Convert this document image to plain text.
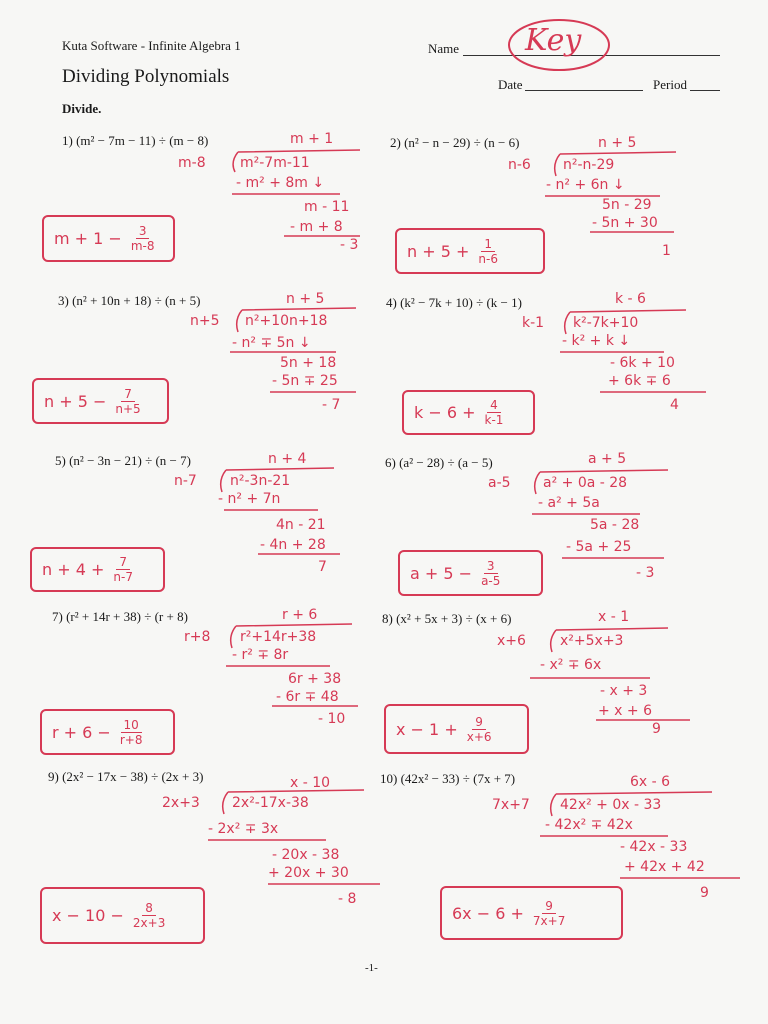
Kuta Software - Infinite Algebra 1
Dividing Polynomials
Divide.
Name Key
Date	Period
1) (m² − 7m − 11) ÷ (m − 8)	m + 1
m-8 m²-7m-11
- m² + 8m ↓
m - 11
- m + 8
- 3
$m + 1 - \frac{3}{m-8}$
2) (n² − n − 29) ÷ (n − 6)	n + 5
n-6 n²-n-29
- n² + 6n ↓
5n - 29
- 5n + 30
1
$n + 5 + \frac{1}{n-6}$
3) (n² + 10n + 18) ÷ (n + 5)	n + 5
n+5 n²+10n+18
- n² ∓ 5n ↓
5n + 18
- 5n ∓ 25
- 7
$n + 5 - \frac{7}{n+5}$
4) (k² − 7k + 10) ÷ (k − 1)	k - 6
k-1 k²-7k+10
- k² + k ↓
- 6k + 10
+ 6k ∓ 6
4
$k - 6 + \frac{4}{k-1}$
5) (n² − 3n − 21) ÷ (n − 7)	n + 4
n-7 n²-3n-21
- n² + 7n
4n - 21
- 4n + 28
7
$n + 4 + \frac{7}{n-7}$
6) (a² − 28) ÷ (a − 5)	a + 5
a-5 a² + 0a - 28
- a² + 5a
5a - 28
- 5a + 25
- 3
$a + 5 - \frac{3}{a-5}$
7) (r² + 14r + 38) ÷ (r + 8)	r + 6
r+8 r²+14r+38
- r² ∓ 8r
6r + 38
- 6r ∓ 48
- 10
$r + 6 - \frac{10}{r+8}$
8) (x² + 5x + 3) ÷ (x + 6)	x - 1
x+6 x²+5x+3
- x² ∓ 6x
- x + 3
+ x + 6
9
$x - 1 + \frac{9}{x+6}$
9) (2x² − 17x − 38) ÷ (2x + 3)	x - 10
2x+3 2x²-17x-38
- 2x² ∓ 3x
- 20x - 38
+ 20x + 30
- 8
$x - 10 - \frac{8}{2x+3}$
10) (42x² − 33) ÷ (7x + 7)	6x - 6
7x+7 42x² + 0x - 33
- 42x² ∓ 42x
- 42x - 33
+ 42x + 42
9
$6x - 6 + \frac{9}{7x+7}$
-1-
